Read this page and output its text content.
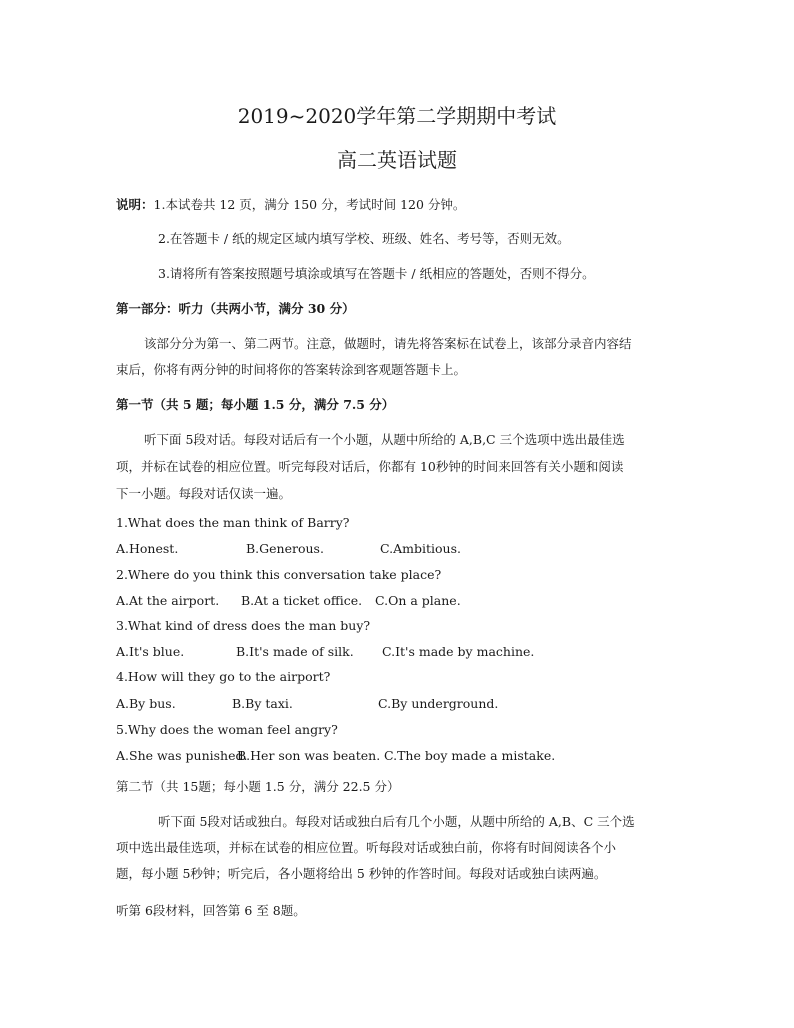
2019~2020学年第二学期期中考试
高二英语试题
说明：1.本试卷共 12 页，满分 150 分，考试时间 120 分钟。
2.在答题卡 / 纸的规定区域内填写学校、班级、姓名、考号等，否则无效。
3.请将所有答案按照题号填涂或填写在答题卡 / 纸相应的答题处，否则不得分。
第一部分：听力（共两小节，满分 30 分）
该部分分为第一、第二两节。注意，做题时，请先将答案标在试卷上，该部分录音内容结
束后，你将有两分钟的时间将你的答案转涂到客观题答题卡上。
第一节（共 5 题；每小题 1.5 分，满分 7.5 分）
听下面 5段对话。每段对话后有一个小题，从题中所给的 A,B,C 三个选项中选出最佳选
项，并标在试卷的相应位置。听完每段对话后，你都有 10秒钟的时间来回答有关小题和阅读
下一小题。每段对话仅读一遍。
1.What does the man think of Barry?
A.Honest.	B.Generous.	C.Ambitious.
2.Where do you think this conversation take place?
A.At the airport. B.At a ticket office. C.On a plane.
3.What kind of dress does the man buy?
A.It's blue.	B.It's made of silk. C.It's made by machine.
4.How will they go to the airport?
A.By bus.	B.By taxi.	C.By underground.
5.Why does the woman feel angry?
A.She was punished.
B.Her son was beaten. C.The boy made a mistake.
第二节（共 15题；每小题 1.5 分，满分 22.5 分）
听下面 5段对话或独白。每段对话或独白后有几个小题，从题中所给的 A,B、C 三个选
项中选出最佳选项，并标在试卷的相应位置。听每段对话或独白前，你将有时间阅读各个小
题，每小题 5秒钟；听完后，各小题将给出 5 秒钟的作答时间。每段对话或独白读两遍。
听第 6段材料，回答第 6 至 8题。
